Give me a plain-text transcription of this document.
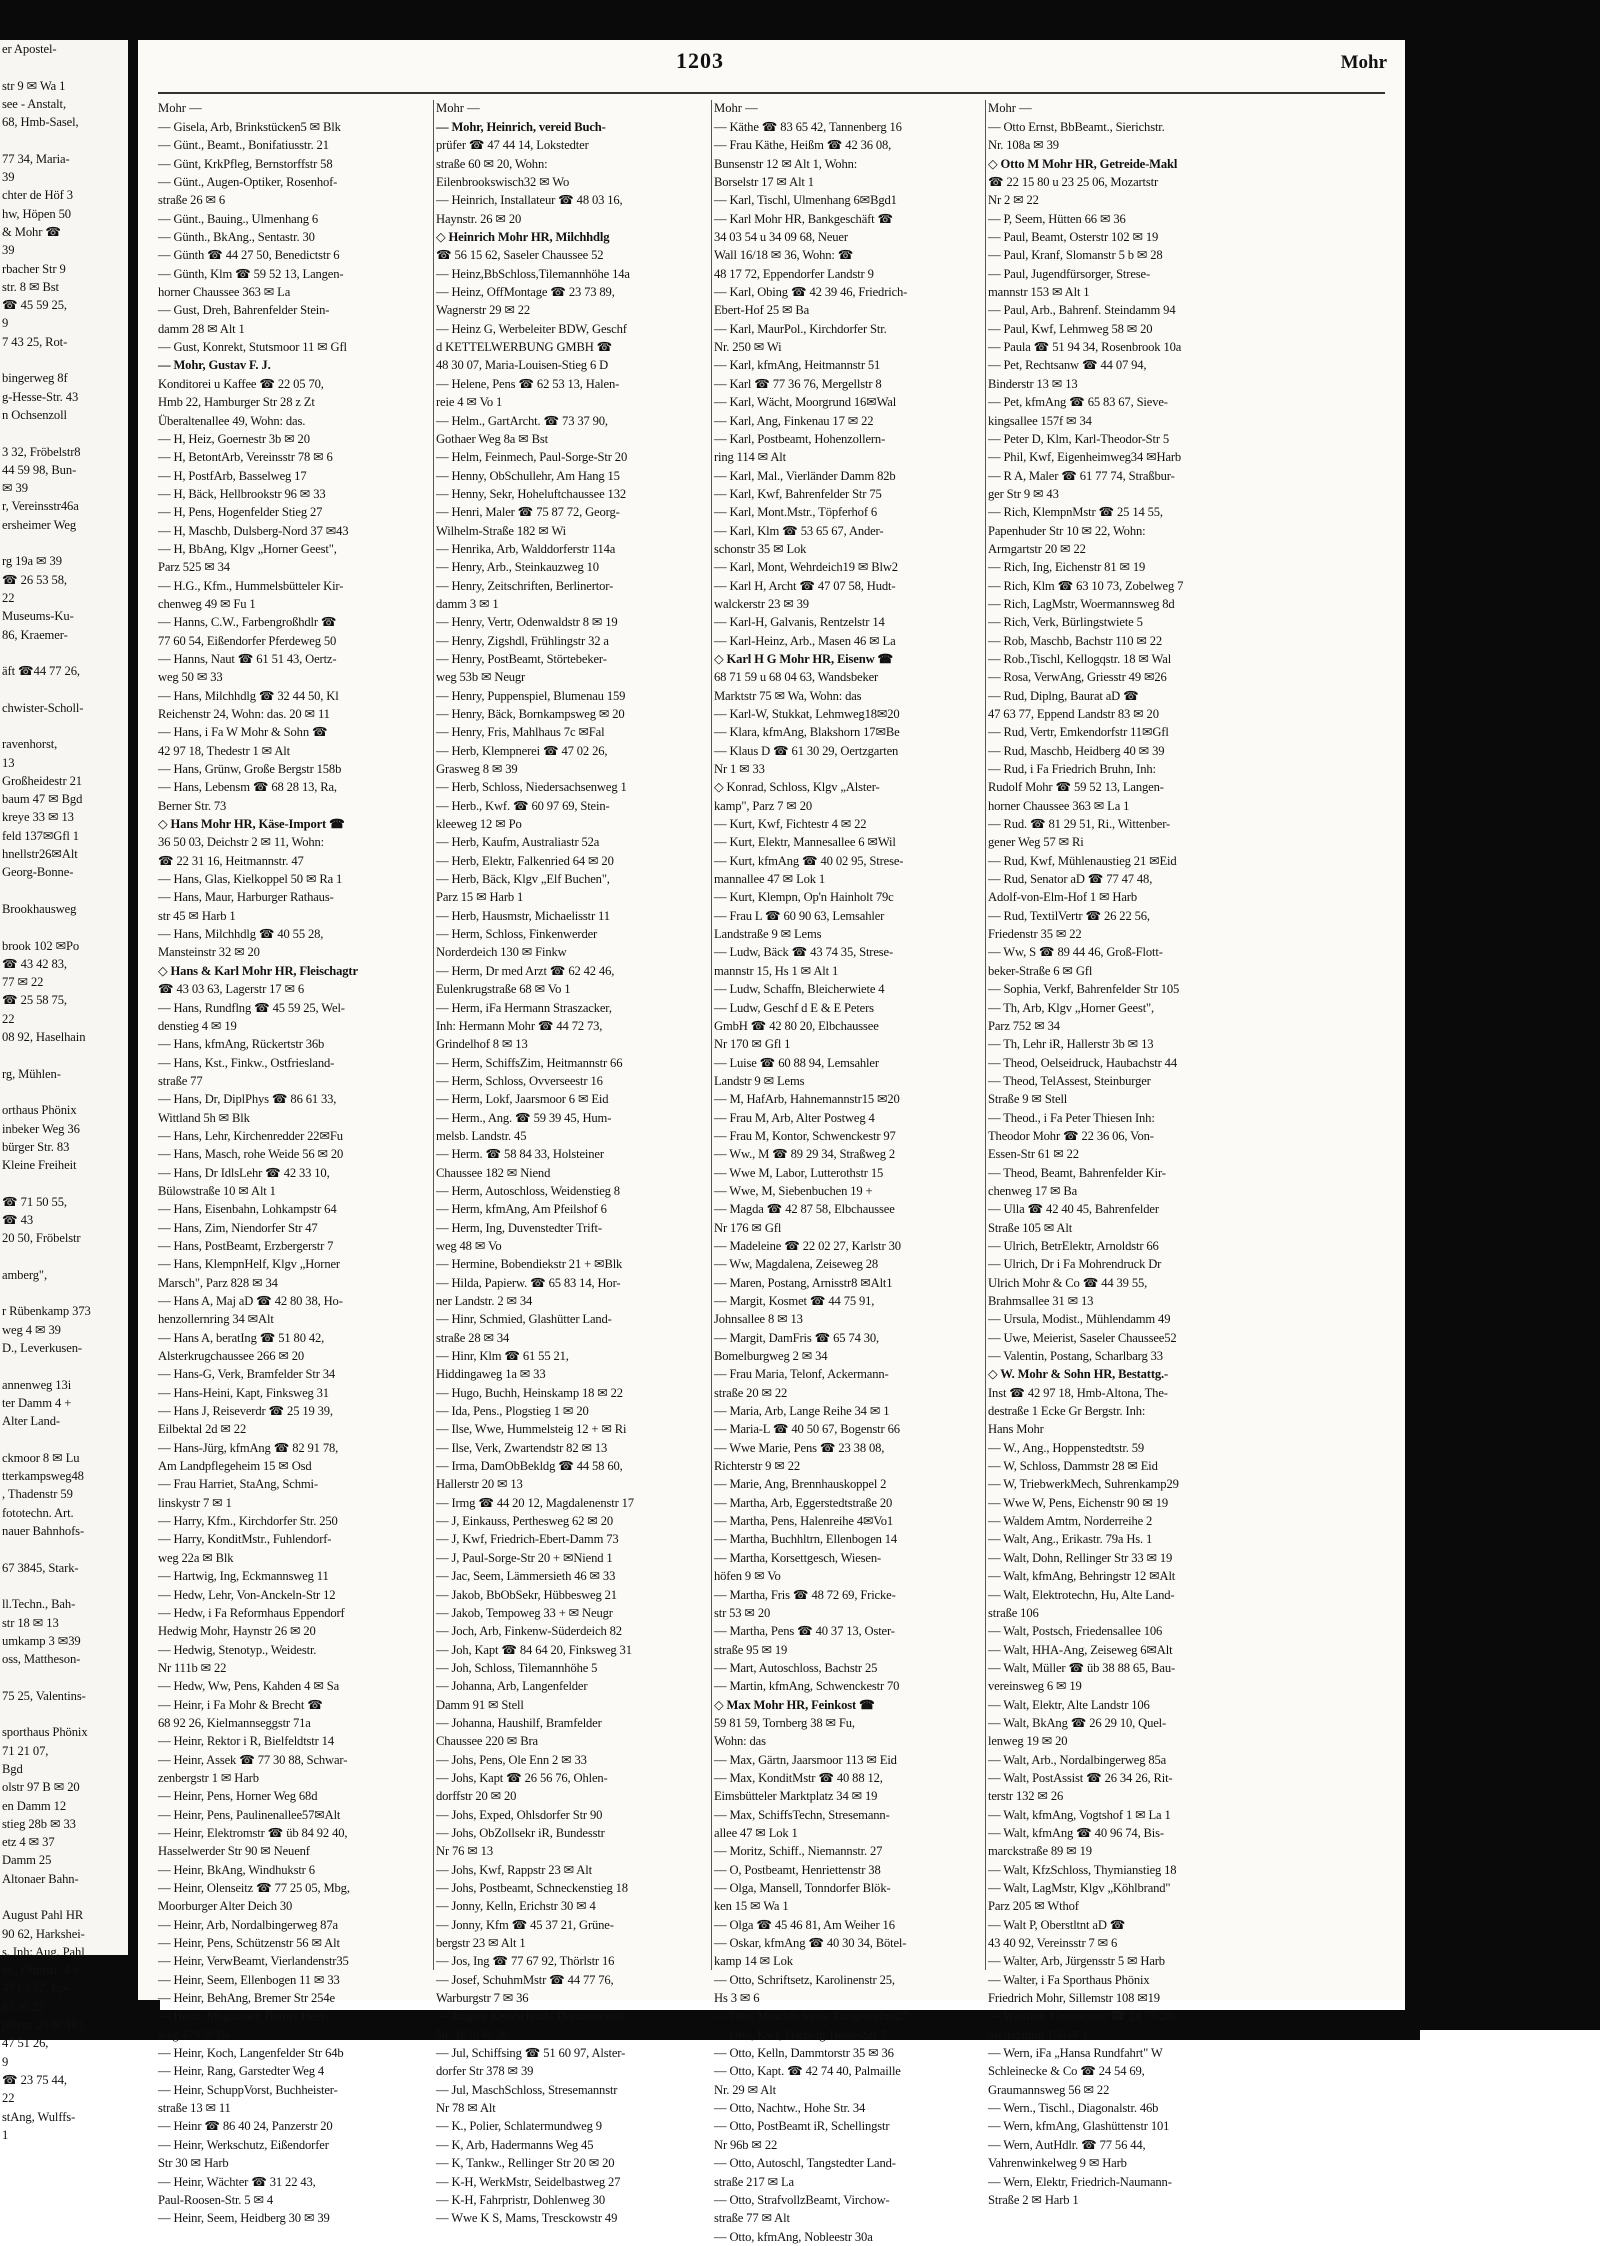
er Apostel-

str 9 ✉ Wa 1
see - Anstalt,
68, Hmb-Sasel,

77 34, Maria-
39
chter de Höf 3
hw, Höpen 50
& Mohr ☎
39
rbacher Str 9
str. 8 ✉ Bst
☎ 45 59 25,
9
7 43 25, Rot-

bingerweg 8f
g-Hesse-Str. 43
n Ochsenzoll

3 32, Fröbelstr8
44 59 98, Bun-
✉ 39
r, Vereinsstr46a
ersheimer Weg

rg 19a ✉ 39
☎ 26 53 58,
22
Museums-Ku-
86, Kraemer-

äft ☎44 77 26,

chwister-Scholl-

ravenhorst,
13
Großheidestr 21
baum 47 ✉ Bgd
kreye 33 ✉ 13
feld 137✉Gfl 1
hnellstr26✉Alt
Georg-Bonne-

Brookhausweg

brook 102 ✉Po
☎ 43 42 83,
77 ✉ 22
☎ 25 58 75,
22
08 92, Haselhain

rg, Mühlen-

orthaus Phönix
inbeker Weg 36
bürger Str. 83
Kleine Freiheit

☎ 71 50 55,
☎ 43
20 50, Fröbelstr

amberg",

r Rübenkamp 373
weg 4 ✉ 39
D., Leverkusen-

annenweg 13i
ter Damm 4 +
Alter Land-

ckmoor 8 ✉ Lu
tterkampsweg48
, Thadenstr 59
fototechn. Art.
nauer Bahnhofs-

67 3845, Stark-

ll.Techn., Bah-
str 18 ✉ 13
umkamp 3 ✉39
oss, Mattheson-

75 25, Valentins-

sporthaus Phönix
71 21 07,
Bgd
olstr 97 B ✉ 20
en Damm 12
stieg 28b ✉ 33
etz 4 ✉ 37
Damm 25
Altonaer Bahn-

August Pahl HR
90 62, Harkshei-
s, Inh: Aug. Pahl
ss., Ohmstr. 4 +
47 63 77, Ep-
83 ✉ 22
plerstr 29 ✉Alt1
47 51 26,
9
☎ 23 75 44,
22
stAng, Wulffs-
1
1203	Mohr
Mohr —
— Gisela, Arb, Brinkstücken5 ✉ Blk
— Günt., Beamt., Bonifatiusstr. 21
— Günt, KrkPfleg, Bernstorffstr 58
— Günt., Augen-Optiker, Rosenhof-
straße 26 ✉ 6
— Günt., Bauing., Ulmenhang 6
— Günth., BkAng., Sentastr. 30
— Günth ☎ 44 27 50, Benedictstr 6
— Günth, Klm ☎ 59 52 13, Langen-
horner Chaussee 363 ✉ La
— Gust, Dreh, Bahrenfelder Stein-
damm 28 ✉ Alt 1
— Gust, Konrekt, Stutsmoor 11 ✉ Gfl
— Mohr, Gustav F. J.
Konditorei u Kaffee ☎ 22 05 70,
Hmb 22, Hamburger Str 28 z Zt
Überaltenallee 49, Wohn: das.
— H, Heiz, Goernestr 3b ✉ 20
— H, BetontArb, Vereinsstr 78 ✉ 6
— H, PostfArb, Basselweg 17
— H, Bäck, Hellbrookstr 96 ✉ 33
— H, Pens, Hogenfelder Stieg 27
— H, Maschb, Dulsberg-Nord 37 ✉43
— H, BbAng, Klgv „Horner Geest",
Parz 525 ✉ 34
— H.G., Kfm., Hummelsbütteler Kir-
chenweg 49 ✉ Fu 1
— Hanns, C.W., Farbengroßhdlr ☎
77 60 54, Eißendorfer Pferdeweg 50
— Hanns, Naut ☎ 61 51 43, Oertz-
weg 50 ✉ 33
— Hans, Milchhdlg ☎ 32 44 50, Kl
Reichenstr 24, Wohn: das. 20 ✉ 11
— Hans, i Fa W Mohr & Sohn ☎
42 97 18, Thedestr 1 ✉ Alt
— Hans, Grünw, Große Bergstr 158b
— Hans, Lebensm ☎ 68 28 13, Ra,
Berner Str. 73
◇ Hans Mohr HR, Käse-Import ☎
36 50 03, Deichstr 2 ✉ 11, Wohn:
☎ 22 31 16, Heitmannstr. 47
— Hans, Glas, Kielkoppel 50 ✉ Ra 1
— Hans, Maur, Harburger Rathaus-
str 45 ✉ Harb 1
— Hans, Milchhdlg ☎ 40 55 28,
Mansteinstr 32 ✉ 20
◇ Hans & Karl Mohr HR, Fleischagtr
☎ 43 03 63, Lagerstr 17 ✉ 6
— Hans, Rundflng ☎ 45 59 25, Wel-
denstieg 4 ✉ 19
— Hans, kfmAng, Rückertstr 36b
— Hans, Kst., Finkw., Ostfriesland-
straße 77
— Hans, Dr, DiplPhys ☎ 86 61 33,
Wittland 5h ✉ Blk
— Hans, Lehr, Kirchenredder 22✉Fu
— Hans, Masch, rohe Weide 56 ✉ 20
— Hans, Dr IdlsLehr ☎ 42 33 10,
Bülowstraße 10 ✉ Alt 1
— Hans, Eisenbahn, Lohkampstr 64
— Hans, Zim, Niendorfer Str 47
— Hans, PostBeamt, Erzbergerstr 7
— Hans, KlempnHelf, Klgv „Horner
Marsch", Parz 828 ✉ 34
— Hans A, Maj aD ☎ 42 80 38, Ho-
henzollernring 34 ✉Alt
— Hans A, beratIng ☎ 51 80 42,
Alsterkrugchaussee 266 ✉ 20
— Hans-G, Verk, Bramfelder Str 34
— Hans-Heini, Kapt, Finksweg 31
— Hans J, Reiseverdr ☎ 25 19 39,
Eilbektal 2d ✉ 22
— Hans-Jürg, kfmAng ☎ 82 91 78,
Am Landpflegeheim 15 ✉ Osd
— Frau Harriet, StaAng, Schmi-
linskystr 7 ✉ 1
— Harry, Kfm., Kirchdorfer Str. 250
— Harry, KonditMstr., Fuhlendorf-
weg 22a ✉ Blk
— Hartwig, Ing, Eckmannsweg 11
— Hedw, Lehr, Von-Anckeln-Str 12
— Hedw, i Fa Reformhaus Eppendorf
Hedwig Mohr, Haynstr 26 ✉ 20
— Hedwig, Stenotyp., Weidestr.
Nr 111b ✉ 22
— Hedw, Ww, Pens, Kahden 4 ✉ Sa
— Heinr, i Fa Mohr & Brecht ☎
68 92 26, Kielmannseggstr 71a
— Heinr, Rektor i R, Bielfeldtstr 14
— Heinr, Assek ☎ 77 30 88, Schwar-
zenbergstr 1 ✉ Harb
— Heinr, Pens, Horner Weg 68d
— Heinr, Pens, Paulinenallee57✉Alt
— Heinr, Elektromstr ☎ üb 84 92 40,
Hasselwerder Str 90 ✉ Neuenf
— Heinr, BkAng, Windhukstr 6
— Heinr, Olenseitz ☎ 77 25 05, Mbg,
Moorburger Alter Deich 30
— Heinr, Arb, Nordalbingerweg 87a
— Heinr, Pens, Schützenstr 56 ✉ Alt
— Heinr, VerwBeamt, Vierlandenstr35
— Heinr, Seem, Ellenbogen 11 ✉ 33
— Heinr, BehAng, Bremer Str 254e
— Heinr, Magaziner, Berner Heer-
weg 479 ✉ Be
— Heinr, Koch, Langenfelder Str 64b
— Heinr, Rang, Garstedter Weg 4
— Heinr, SchuppVorst, Buchheister-
straße 13 ✉ 11
— Heinr ☎ 86 40 24, Panzerstr 20
— Heinr, Werkschutz, Eißendorfer
Str 30 ✉ Harb
— Heinr, Wächter ☎ 31 22 43,
Paul-Roosen-Str. 5 ✉ 4
— Heinr, Seem, Heidberg 30 ✉ 39
Mohr —
— Mohr, Heinrich, vereid Buch-
prüfer ☎ 47 44 14, Lokstedter
straße 60 ✉ 20, Wohn:
Eilenbrookswisch32 ✉ Wo
— Heinrich, Installateur ☎ 48 03 16,
Haynstr. 26 ✉ 20
◇ Heinrich Mohr HR, Milchhdlg
☎ 56 15 62, Saseler Chaussee 52
— Heinz,BbSchloss,Tilemannhöhe 14a
— Heinz, OffMontage ☎ 23 73 89,
Wagnerstr 29 ✉ 22
— Heinz G, Werbeleiter BDW, Geschf
d KETTELWERBUNG GMBH ☎
48 30 07, Maria-Louisen-Stieg 6 D
— Helene, Pens ☎ 62 53 13, Halen-
reie 4 ✉ Vo 1
— Helm., GartArcht. ☎ 73 37 90,
Gothaer Weg 8a ✉ Bst
— Helm, Feinmech, Paul-Sorge-Str 20
— Henny, ObSchullehr, Am Hang 15
— Henny, Sekr, Hoheluftchaussee 132
— Henri, Maler ☎ 75 87 72, Georg-
Wilhelm-Straße 182 ✉ Wi
— Henrika, Arb, Walddorferstr 114a
— Henry, Arb., Steinkauzweg 10
— Henry, Zeitschriften, Berlinertor-
damm 3 ✉ 1
— Henry, Vertr, Odenwaldstr 8 ✉ 19
— Henry, Zigshdl, Frühlingstr 32 a
— Henry, PostBeamt, Störtebeker-
weg 53b ✉ Neugr
— Henry, Puppenspiel, Blumenau 159
— Henry, Bäck, Bornkampsweg ✉ 20
— Henry, Fris, Mahlhaus 7c ✉Fal
— Herb, Klempnerei ☎ 47 02 26,
Grasweg 8 ✉ 39
— Herb, Schloss, Niedersachsenweg 1
— Herb., Kwf. ☎ 60 97 69, Stein-
kleeweg 12 ✉ Po
— Herb, Kaufm, Australiastr 52a
— Herb, Elektr, Falkenried 64 ✉ 20
— Herb, Bäck, Klgv „Elf Buchen",
Parz 15 ✉ Harb 1
— Herb, Hausmstr, Michaelisstr 11
— Herm, Schloss, Finkenwerder
Norderdeich 130 ✉ Finkw
— Herm, Dr med Arzt ☎ 62 42 46,
Eulenkrugstraße 68 ✉ Vo 1
— Herm, iFa Hermann Straszacker,
Inh: Hermann Mohr ☎ 44 72 73,
Grindelhof 8 ✉ 13
— Herm, SchiffsZim, Heitmannstr 66
— Herm, Schloss, Ovverseestr 16
— Herm, Lokf, Jaarsmoor 6 ✉ Eid
— Herm., Ang. ☎ 59 39 45, Hum-
melsb. Landstr. 45
— Herm. ☎ 58 84 33, Holsteiner
Chaussee 182 ✉ Niend
— Herm, Autoschloss, Weidenstieg 8
— Herm, kfmAng, Am Pfeilshof 6
— Herm, Ing, Duvenstedter Trift-
weg 48 ✉ Vo
— Hermine, Bobendiekstr 21 + ✉Blk
— Hilda, Papierw. ☎ 65 83 14, Hor-
ner Landstr. 2 ✉ 34
— Hinr, Schmied, Glashütter Land-
straße 28 ✉ 34
— Hinr, Klm ☎ 61 55 21,
Hiddingaweg 1a ✉ 33
— Hugo, Buchh, Heinskamp 18 ✉ 22
— Ida, Pens., Plogstieg 1 ✉ 20
— Ilse, Wwe, Hummelsteig 12 + ✉ Ri
— Ilse, Verk, Zwartendstr 82 ✉ 13
— Irma, DamObBekldg ☎ 44 58 60,
Hallerstr 20 ✉ 13
— Irmg ☎ 44 20 12, Magdalenenstr 17
— J, Einkauss, Perthesweg 62 ✉ 20
— J, Kwf, Friedrich-Ebert-Damm 73
— J, Paul-Sorge-Str 20 + ✉Niend 1
— Jac, Seem, Lämmersieth 46 ✉ 33
— Jakob, BbObSekr, Hübbesweg 21
— Jakob, Tempoweg 33 + ✉ Neugr
— Joch, Arb, Finkenw-Süderdeich 82
— Joh, Kapt ☎ 84 64 20, Finksweg 31
— Joh, Schloss, Tilemannhöhe 5
— Johanna, Arb, Langenfelder
Damm 91 ✉ Stell
— Johanna, Haushilf, Bramfelder
Chaussee 220 ✉ Bra
— Johs, Pens, Ole Enn 2 ✉ 33
— Johs, Kapt ☎ 26 56 76, Ohlen-
dorffstr 20 ✉ 20
— Johs, Exped, Ohlsdorfer Str 90
— Johs, ObZollsekr iR, Bundesstr
Nr 76 ✉ 13
— Johs, Kwf, Rappstr 23 ✉ Alt
— Johs, Postbeamt, Schneckenstieg 18
— Jonny, Kelln, Erichstr 30 ✉ 4
— Jonny, Kfm ☎ 45 37 21, Grüne-
bergstr 23 ✉ Alt 1
— Jos, Ing ☎ 77 67 92, Thörlstr 16
— Josef, SchuhmMstr ☎ 44 77 76,
Warburgstr 7 ✉ 36
— Jürgen, KessSchmd., Dammtorwall
Nr. 163b ✉ 36
— Jul, Schiffsing ☎ 51 60 97, Alster-
dorfer Str 378 ✉ 39
— Jul, MaschSchloss, Stresemannstr
Nr 78 ✉ Alt
— K., Polier, Schlatermundweg 9
— K, Arb, Hadermanns Weg 45
— K, Tankw., Rellinger Str 20 ✉ 20
— K-H, WerkMstr, Seidelbastweg 27
— K-H, Fahrpristr, Dohlenweg 30
— Wwe K S, Mams, Tresckowstr 49
Mohr —
— Käthe ☎ 83 65 42, Tannenberg 16
— Frau Käthe, Heißm ☎ 42 36 08,
Bunsenstr 12 ✉ Alt 1, Wohn:
Borselstr 17 ✉ Alt 1
— Karl, Tischl, Ulmenhang 6✉Bgd1
— Karl Mohr HR, Bankgeschäft ☎
34 03 54 u 34 09 68, Neuer
Wall 16/18 ✉ 36, Wohn: ☎
48 17 72, Eppendorfer Landstr 9
— Karl, Obing ☎ 42 39 46, Friedrich-
Ebert-Hof 25 ✉ Ba
— Karl, MaurPol., Kirchdorfer Str.
Nr. 250 ✉ Wi
— Karl, kfmAng, Heitmannstr 51
— Karl ☎ 77 36 76, Mergellstr 8
— Karl, Wächt, Moorgrund 16✉Wal
— Karl, Ang, Finkenau 17 ✉ 22
— Karl, Postbeamt, Hohenzollern-
ring 114 ✉ Alt
— Karl, Mal., Vierländer Damm 82b
— Karl, Kwf, Bahrenfelder Str 75
— Karl, Mont.Mstr., Töpferhof 6
— Karl, Klm ☎ 53 65 67, Ander-
schonstr 35 ✉ Lok
— Karl, Mont, Wehrdeich19 ✉ Blw2
— Karl H, Archt ☎ 47 07 58, Hudt-
walckerstr 23 ✉ 39
— Karl-H, Galvanis, Rentzelstr 14
— Karl-Heinz, Arb., Masen 46 ✉ La
◇ Karl H G Mohr HR, Eisenw ☎
68 71 59 u 68 04 63, Wandsbeker
Marktstr 75 ✉ Wa, Wohn: das
— Karl-W, Stukkat, Lehmweg18✉20
— Klara, kfmAng, Blakshorn 17✉Be
— Klaus D ☎ 61 30 29, Oertzgarten
Nr 1 ✉ 33
◇ Konrad, Schloss, Klgv „Alster-
kamp", Parz 7 ✉ 20
— Kurt, Kwf, Fichtestr 4 ✉ 22
— Kurt, Elektr, Mannesallee 6 ✉Wil
— Kurt, kfmAng ☎ 40 02 95, Strese-
mannallee 47 ✉ Lok 1
— Kurt, Klempn, Op'n Hainholt 79c
— Frau L ☎ 60 90 63, Lemsahler
Landstraße 9 ✉ Lems
— Ludw, Bäck ☎ 43 74 35, Strese-
mannstr 15, Hs 1 ✉ Alt 1
— Ludw, Schaffn, Bleicherwiete 4
— Ludw, Geschf d E & E Peters
GmbH ☎ 42 80 20, Elbchaussee
Nr 170 ✉ Gfl 1
— Luise ☎ 60 88 94, Lemsahler
Landstr 9 ✉ Lems
— M, HafArb, Hahnemannstr15 ✉20
— Frau M, Arb, Alter Postweg 4
— Frau M, Kontor, Schwenckestr 97
— Ww., M ☎ 89 29 34, Straßweg 2
— Wwe M, Labor, Lutterothstr 15
— Wwe, M, Siebenbuchen 19 +
— Magda ☎ 42 87 58, Elbchaussee
Nr 176 ✉ Gfl
— Madeleine ☎ 22 02 27, Karlstr 30
— Ww, Magdalena, Zeiseweg 28
— Maren, Postang, Arnisstr8 ✉Alt1
— Margit, Kosmet ☎ 44 75 91,
Johnsallee 8 ✉ 13
— Margit, DamFris ☎ 65 74 30,
Bomelburgweg 2 ✉ 34
— Frau Maria, Telonf, Ackermann-
straße 20 ✉ 22
— Maria, Arb, Lange Reihe 34 ✉ 1
— Maria-L ☎ 40 50 67, Bogenstr 66
— Wwe Marie, Pens ☎ 23 38 08,
Richterstr 9 ✉ 22
— Marie, Ang, Brennhauskoppel 2
— Martha, Arb, Eggerstedtstraße 20
— Martha, Pens, Halenreihe 4✉Vo1
— Martha, Buchhltrn, Ellenbogen 14
— Martha, Korsettgesch, Wiesen-
höfen 9 ✉ Vo
— Martha, Fris ☎ 48 72 69, Fricke-
str 53 ✉ 20
— Martha, Pens ☎ 40 37 13, Oster-
straße 95 ✉ 19
— Mart, Autoschloss, Bachstr 25
— Martin, kfmAng, Schwenckestr 70
◇ Max Mohr HR, Feinkost ☎
59 81 59, Tornberg 38 ✉ Fu,
Wohn: das
— Max, Gärtn, Jaarsmoor 113 ✉ Eid
— Max, KonditMstr ☎ 40 88 12,
Eimsbütteler Marktplatz 34 ✉ 19
— Max, SchiffsTechn, Stresemann-
allee 47 ✉ Lok 1
— Moritz, Schiff., Niemannstr. 27
— O, Postbeamt, Henriettenstr 38
— Olga, Mansell, Tonndorfer Blök-
ken 15 ✉ Wa 1
— Olga ☎ 45 46 81, Am Weiher 16
— Oskar, kfmAng ☎ 40 30 34, Bötel-
kamp 14 ✉ Lok
— Otto, Schriftsetz, Karolinenstr 25,
Hs 3 ✉ 6
— Otto, MaschSchloss, Langenrehm27
— Otto, Kwf, Hartwig-Hesse-Str 5
— Otto, Kelln, Dammtorstr 35 ✉ 36
— Otto, Kapt. ☎ 42 74 40, Palmaille
Nr. 29 ✉ Alt
— Otto, Nachtw., Hohe Str. 34
— Otto, PostBeamt iR, Schellingstr
Nr 96b ✉ 22
— Otto, Autoschl, Tangstedter Land-
straße 217 ✉ La
— Otto, StrafvollzBeamt, Virchow-
straße 77 ✉ Alt
— Otto, kfmAng, Nobleestr 30a
Mohr —
— Otto Ernst, BbBeamt., Sierichstr.
Nr. 108a ✉ 39
◇ Otto M Mohr HR, Getreide-Makl
☎ 22 15 80 u 23 25 06, Mozartstr
Nr 2 ✉ 22
— P, Seem, Hütten 66 ✉ 36
— Paul, Beamt, Osterstr 102 ✉ 19
— Paul, Kranf, Slomanstr 5 b ✉ 28
— Paul, Jugendfürsorger, Strese-
mannstr 153 ✉ Alt 1
— Paul, Arb., Bahrenf. Steindamm 94
— Paul, Kwf, Lehmweg 58 ✉ 20
— Paula ☎ 51 94 34, Rosenbrook 10a
— Pet, Rechtsanw ☎ 44 07 94,
Binderstr 13 ✉ 13
— Pet, kfmAng ☎ 65 83 67, Sieve-
kingsallee 157f ✉ 34
— Peter D, Klm, Karl-Theodor-Str 5
— Phil, Kwf, Eigenheimweg34 ✉Harb
— R A, Maler ☎ 61 77 74, Straßbur-
ger Str 9 ✉ 43
— Rich, KlempnMstr ☎ 25 14 55,
Papenhuder Str 10 ✉ 22, Wohn:
Armgartstr 20 ✉ 22
— Rich, Ing, Eichenstr 81 ✉ 19
— Rich, Klm ☎ 63 10 73, Zobelweg 7
— Rich, LagMstr, Woermannsweg 8d
— Rich, Verk, Bürlingstwiete 5
— Rob, Maschb, Bachstr 110 ✉ 22
— Rob.,Tischl, Kellogqstr. 18 ✉ Wal
— Rosa, VerwAng, Griesstr 49 ✉26
— Rud, Diplng, Baurat aD ☎
47 63 77, Eppend Landstr 83 ✉ 20
— Rud, Vertr, Emkendorfstr 11✉Gfl
— Rud, Maschb, Heidberg 40 ✉ 39
— Rud, i Fa Friedrich Bruhn, Inh:
Rudolf Mohr ☎ 59 52 13, Langen-
horner Chaussee 363 ✉ La 1
— Rud. ☎ 81 29 51, Ri., Wittenber-
gener Weg 57 ✉ Ri
— Rud, Kwf, Mühlenaustieg 21 ✉Eid
— Rud, Senator aD ☎ 77 47 48,
Adolf-von-Elm-Hof 1 ✉ Harb
— Rud, TextilVertr ☎ 26 22 56,
Friedenstr 35 ✉ 22
— Ww, S ☎ 89 44 46, Groß-Flott-
beker-Straße 6 ✉ Gfl
— Sophia, Verkf, Bahrenfelder Str 105
— Th, Arb, Klgv „Horner Geest",
Parz 752 ✉ 34
— Th, Lehr iR, Hallerstr 3b ✉ 13
— Theod, Oelseidruck, Haubachstr 44
— Theod, TelAssest, Steinburger
Straße 9 ✉ Stell
— Theod., i Fa Peter Thiesen Inh:
Theodor Mohr ☎ 22 36 06, Von-
Essen-Str 61 ✉ 22
— Theod, Beamt, Bahrenfelder Kir-
chenweg 17 ✉ Ba
— Ulla ☎ 42 40 45, Bahrenfelder
Straße 105 ✉ Alt
— Ulrich, BetrElektr, Arnoldstr 66
— Ulrich, Dr i Fa Mohrendruck Dr
Ulrich Mohr & Co ☎ 44 39 55,
Brahmsallee 31 ✉ 13
— Ursula, Modist., Mühlendamm 49
— Uwe, Meierist, Saseler Chaussee52
— Valentin, Postang, Scharlbarg 33
◇ W. Mohr & Sohn HR, Bestattg.-
Inst ☎ 42 97 18, Hmb-Altona, The-
destraße 1 Ecke Gr Bergstr. Inh:
Hans Mohr
— W., Ang., Hoppenstedtstr. 59
— W, Schloss, Dammstr 28 ✉ Eid
— W, TriebwerkMech, Suhrenkamp29
— Wwe W, Pens, Eichenstr 90 ✉ 19
— Waldem Amtm, Norderreihe 2
— Walt, Ang., Erikastr. 79a Hs. 1
— Walt, Dohn, Rellinger Str 33 ✉ 19
— Walt, kfmAng, Behringstr 12 ✉Alt
— Walt, Elektrotechn, Hu, Alte Land-
straße 106
— Walt, Postsch, Friedensallee 106
— Walt, HHA-Ang, Zeiseweg 6✉Alt
— Walt, Müller ☎ üb 38 88 65, Bau-
vereinsweg 6 ✉ 19
— Walt, Elektr, Alte Landstr 106
— Walt, BkAng ☎ 26 29 10, Quel-
lenweg 19 ✉ 20
— Walt, Arb., Nordalbingerweg 85a
— Walt, PostAssist ☎ 26 34 26, Rit-
terstr 132 ✉ 26
— Walt, kfmAng, Vogtshof 1 ✉ La 1
— Walt, kfmAng ☎ 40 96 74, Bis-
marckstraße 89 ✉ 19
— Walt, KfzSchloss, Thymianstieg 18
— Walt, LagMstr, Klgv „Köhlbrand"
Parz 205 ✉ Wthof
— Walt P, Oberstltnt aD ☎
43 40 92, Vereinsstr 7 ✉ 6
— Walter, Arb, Jürgensstr 5 ✉ Harb
— Walter, i Fa Sporthaus Phönix
Friedrich Mohr, Sillemstr 108 ✉19
— Waltraut, Gemischtw ☎ 24 75 20,
Steindamm 156 ✉ 1
— Wern, iFa „Hansa Rundfahrt" W
Schleinecke & Co ☎ 24 54 69,
Graumannsweg 56 ✉ 22
— Wern., Tischl., Diagonalstr. 46b
— Wern, kfmAng, Glashüttenstr 101
— Wern, AutHdlr. ☎ 77 56 44,
Vahrenwinkelweg 9 ✉ Harb
— Wern, Elektr, Friedrich-Naumann-
Straße 2 ✉ Harb 1
